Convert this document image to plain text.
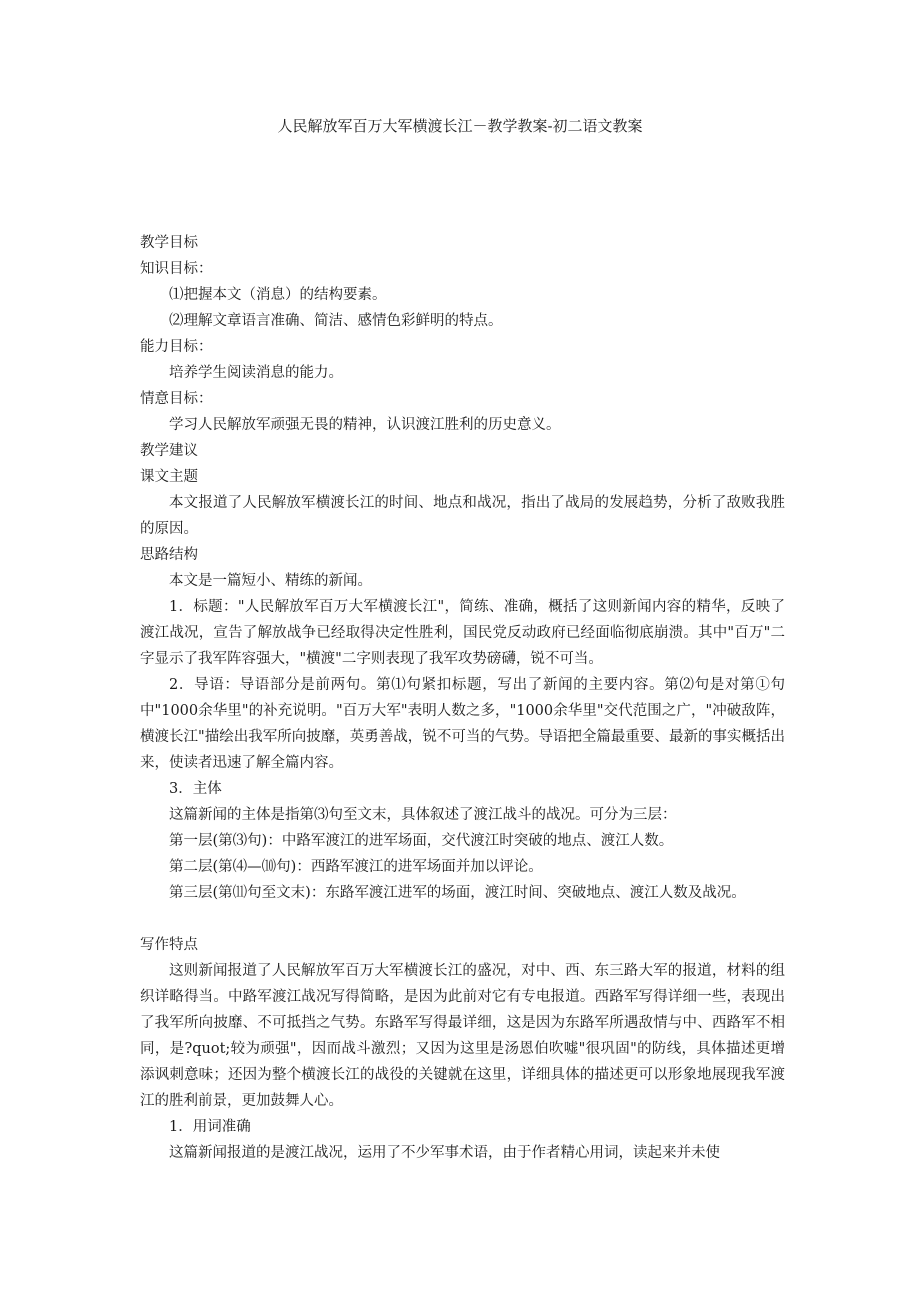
人民解放军百万大军横渡长江－教学教案-初二语文教案

教学目标

知识目标：

⑴把握本文（消息）的结构要素。

⑵理解文章语言准确、简洁、感情色彩鲜明的特点。

能力目标：

培养学生阅读消息的能力。

情意目标：

学习人民解放军顽强无畏的精神，认识渡江胜利的历史意义。

教学建议

课文主题

本文报道了人民解放军横渡长江的时间、地点和战况，指出了战局的发展趋势，分析了敌败我胜的原因。

思路结构

本文是一篇短小、精练的新闻。

1．标题："人民解放军百万大军横渡长江"，简练、准确，概括了这则新闻内容的精华，反映了渡江战况，宣告了解放战争已经取得决定性胜利，国民党反动政府已经面临彻底崩溃。其中"百万"二字显示了我军阵容强大，"横渡"二字则表现了我军攻势磅礴，锐不可当。

2．导语：导语部分是前两句。第⑴句紧扣标题，写出了新闻的主要内容。第⑵句是对第①句中"1000余华里"的补充说明。"百万大军"表明人数之多，"1000余华里"交代范围之广，"冲破敌阵，横渡长江"描绘出我军所向披靡，英勇善战，锐不可当的气势。导语把全篇最重要、最新的事实概括出来，使读者迅速了解全篇内容。

3．主体

这篇新闻的主体是指第⑶句至文末，具体叙述了渡江战斗的战况。可分为三层：

第一层(第⑶句)：中路军渡江的进军场面，交代渡江时突破的地点、渡江人数。

第二层(第⑷—⑽句)：西路军渡江的进军场面并加以评论。

第三层(第⑾句至文末)：东路军渡江进军的场面，渡江时间、突破地点、渡江人数及战况。

写作特点

这则新闻报道了人民解放军百万大军横渡长江的盛况，对中、西、东三路大军的报道，材料的组织详略得当。中路军渡江战况写得简略，是因为此前对它有专电报道。西路军写得详细一些，表现出了我军所向披靡、不可抵挡之气势。东路军写得最详细，这是因为东路军所遇敌情与中、西路军不相同，是?quot;较为顽强"，因而战斗激烈；又因为这里是汤恩伯吹嘘"很巩固"的防线，具体描述更增添讽刺意味；还因为整个横渡长江的战役的关键就在这里，详细具体的描述更可以形象地展现我军渡江的胜利前景，更加鼓舞人心。

1．用词准确

这篇新闻报道的是渡江战况，运用了不少军事术语，由于作者精心用词，读起来并未使
